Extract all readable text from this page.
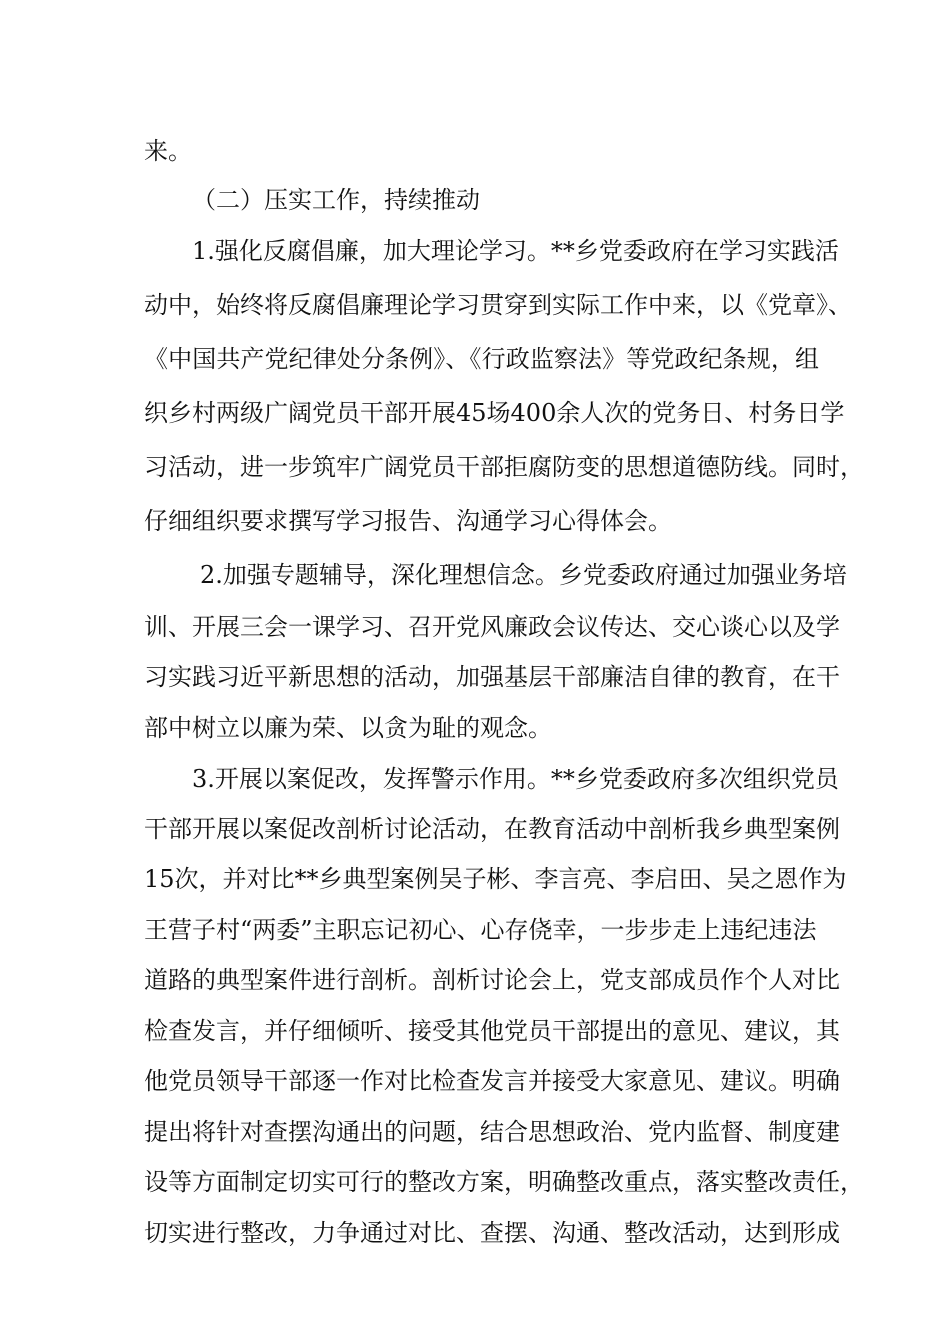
来。
（二）压实工作，持续推动
1.强化反腐倡廉，加大理论学习。**乡党委政府在学习实践活
动中，始终将反腐倡廉理论学习贯穿到实际工作中来，以《党章》、
《中国共产党纪律处分条例》、《行政监察法》等党政纪条规，组
织乡村两级广阔党员干部开展45场400余人次的党务日、村务日学
习活动，进一步筑牢广阔党员干部拒腐防变的思想道德防线。同时，
仔细组织要求撰写学习报告、沟通学习心得体会。
2.加强专题辅导，深化理想信念。乡党委政府通过加强业务培
训、开展三会一课学习、召开党风廉政会议传达、交心谈心以及学
习实践习近平新思想的活动，加强基层干部廉洁自律的教育，在干
部中树立以廉为荣、以贪为耻的观念。
3.开展以案促改，发挥警示作用。**乡党委政府多次组织党员
干部开展以案促改剖析讨论活动，在教育活动中剖析我乡典型案例
15次，并对比**乡典型案例吴子彬、李言亮、李启田、吴之恩作为
王营子村“两委”主职忘记初心、心存侥幸，一步步走上违纪违法
道路的典型案件进行剖析。剖析讨论会上，党支部成员作个人对比
检查发言，并仔细倾听、接受其他党员干部提出的意见、建议，其
他党员领导干部逐一作对比检查发言并接受大家意见、建议。明确
提出将针对查摆沟通出的问题，结合思想政治、党内监督、制度建
设等方面制定切实可行的整改方案，明确整改重点，落实整改责任，
切实进行整改，力争通过对比、查摆、沟通、整改活动，达到形成
